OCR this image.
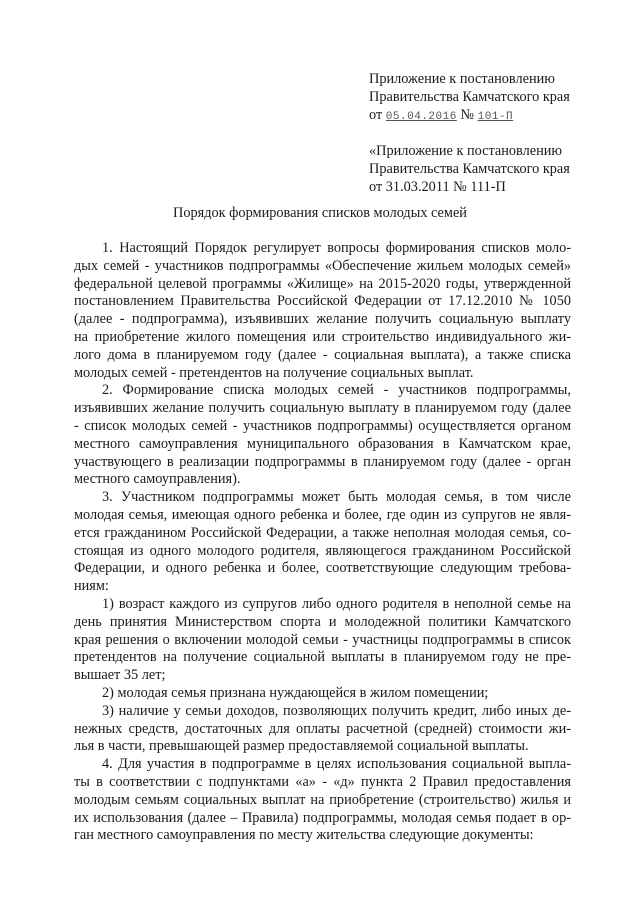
Приложение к постановлению
Правительства Камчатского края
от 05.04.2016 № 101-П
«Приложение к постановлению
Правительства Камчатского края
от 31.03.2011 № 111-П
Порядок формирования списков молодых семей
1. Настоящий Порядок регулирует вопросы формирования списков моло-
дых семей - участников подпрограммы «Обеспечение жильем молодых семей»
федеральной целевой программы «Жилище» на 2015-2020 годы, утвержденной
постановлением Правительства Российской Федерации от 17.12.2010 № 1050
(далее - подпрограмма), изъявивших желание получить социальную выплату
на приобретение жилого помещения или строительство индивидуального жи-
лого дома в планируемом году (далее - социальная выплата), а также списка
молодых семей - претендентов на получение социальных выплат.
2. Формирование списка молодых семей - участников подпрограммы,
изъявивших желание получить социальную выплату в планируемом году (далее
- список молодых семей - участников подпрограммы) осуществляется органом
местного самоуправления муниципального образования в Камчатском крае,
участвующего в реализации подпрограммы в планируемом году (далее - орган
местного самоуправления).
3. Участником подпрограммы может быть молодая семья, в том числе
молодая семья, имеющая одного ребенка и более, где один из супругов не явля-
ется гражданином Российской Федерации, а также неполная молодая семья, со-
стоящая из одного молодого родителя, являющегося гражданином Российской
Федерации, и одного ребенка и более, соответствующие следующим требова-
ниям:
1) возраст каждого из супругов либо одного родителя в неполной семье на
день принятия Министерством спорта и молодежной политики Камчатского
края решения о включении молодой семьи - участницы подпрограммы в список
претендентов на получение социальной выплаты в планируемом году не пре-
вышает 35 лет;
2) молодая семья признана нуждающейся в жилом помещении;
3) наличие у семьи доходов, позволяющих получить кредит, либо иных де-
нежных средств, достаточных для оплаты расчетной (средней) стоимости жи-
лья в части, превышающей размер предоставляемой социальной выплаты.
4. Для участия в подпрограмме в целях использования социальной выпла-
ты в соответствии с подпунктами «а» - «д» пункта 2 Правил предоставления
молодым семьям социальных выплат на приобретение (строительство) жилья и
их использования (далее – Правила) подпрограммы, молодая семья подает в ор-
ган местного самоуправления по месту жительства следующие документы:
